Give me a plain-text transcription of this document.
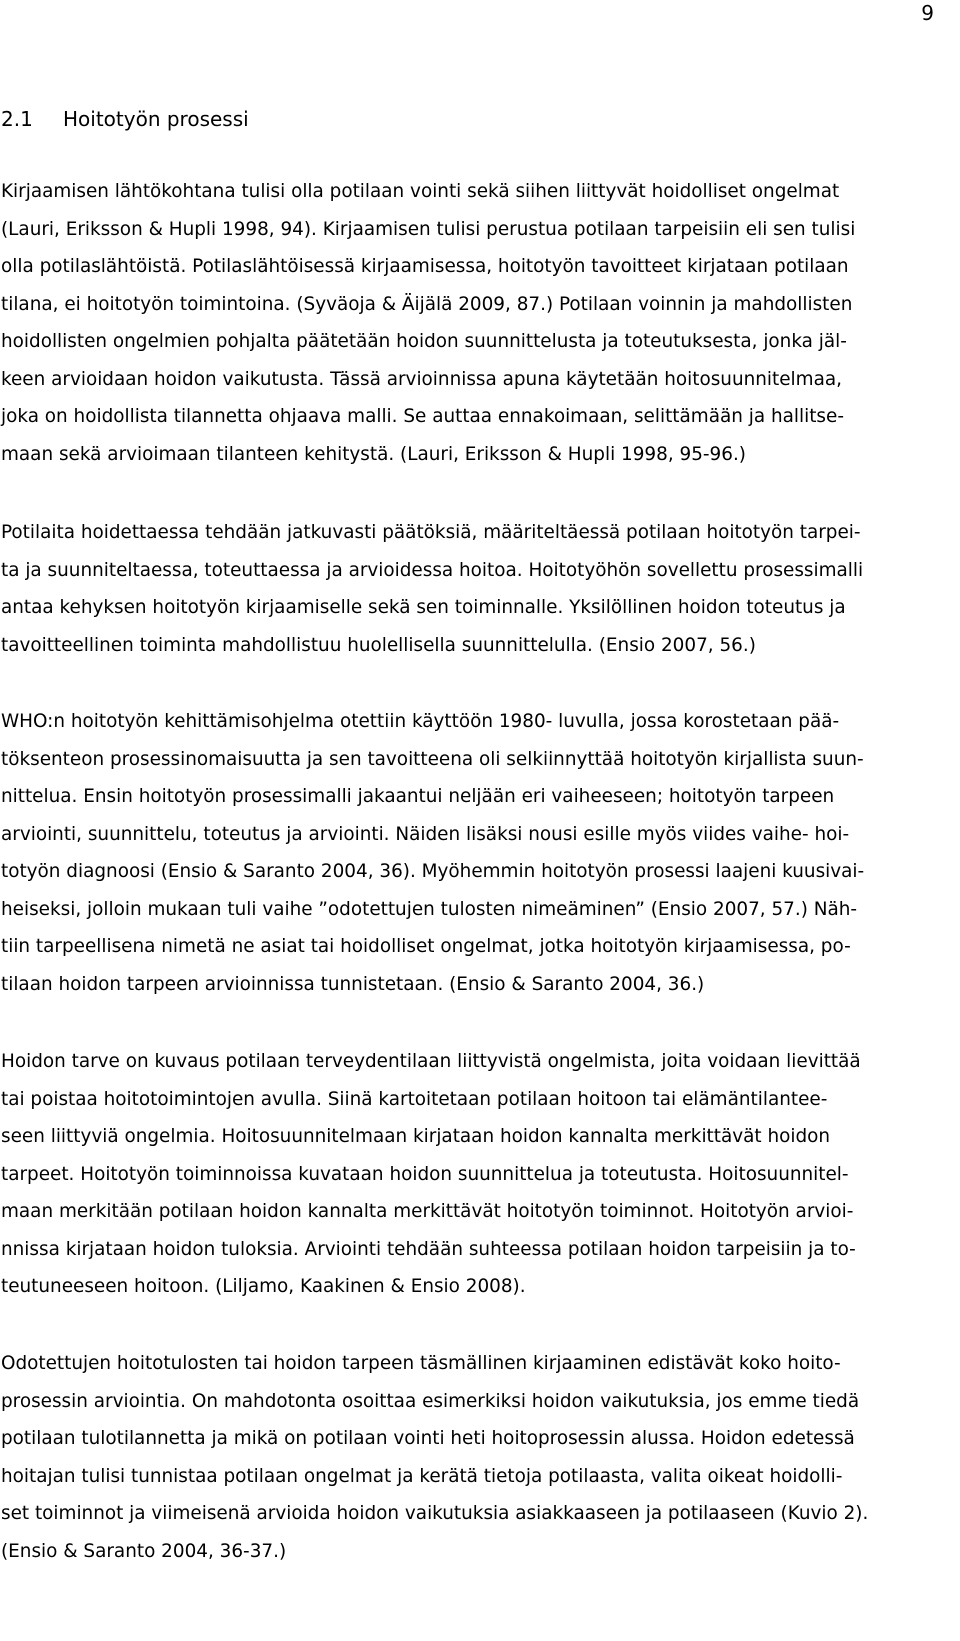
9
2.1 Hoitotyön prosessi

Kirjaamisen lähtökohtana tulisi olla potilaan vointi sekä siihen liittyvät hoidolliset ongelmat
(Lauri, Eriksson & Hupli 1998, 94). Kirjaamisen tulisi perustua potilaan tarpeisiin eli sen tulisi
olla potilaslähtöistä. Potilaslähtöisessä kirjaamisessa, hoitotyön tavoitteet kirjataan potilaan
tilana, ei hoitotyön toimintoina. (Syväoja & Äijälä 2009, 87.) Potilaan voinnin ja mahdollisten
hoidollisten ongelmien pohjalta päätetään hoidon suunnittelusta ja toteutuksesta, jonka jäl-
keen arvioidaan hoidon vaikutusta. Tässä arvioinnissa apuna käytetään hoitosuunnitelmaa,
joka on hoidollista tilannetta ohjaava malli. Se auttaa ennakoimaan, selittämään ja hallitse-
maan sekä arvioimaan tilanteen kehitystä. (Lauri, Eriksson & Hupli 1998, 95-96.)

Potilaita hoidettaessa tehdään jatkuvasti päätöksiä, määriteltäessä potilaan hoitotyön tarpei-
ta ja suunniteltaessa, toteuttaessa ja arvioidessa hoitoa. Hoitotyöhön sovellettu prosessimalli
antaa kehyksen hoitotyön kirjaamiselle sekä sen toiminnalle. Yksilöllinen hoidon toteutus ja
tavoitteellinen toiminta mahdollistuu huolellisella suunnittelulla. (Ensio 2007, 56.)

WHO:n hoitotyön kehittämisohjelma otettiin käyttöön 1980- luvulla, jossa korostetaan pää-
töksenteon prosessinomaisuutta ja sen tavoitteena oli selkiinnyttää hoitotyön kirjallista suun-
nittelua. Ensin hoitotyön prosessimalli jakaantui neljään eri vaiheeseen; hoitotyön tarpeen
arviointi, suunnittelu, toteutus ja arviointi. Näiden lisäksi nousi esille myös viides vaihe- hoi-
totyön diagnoosi (Ensio & Saranto 2004, 36). Myöhemmin hoitotyön prosessi laajeni kuusivai-
heiseksi, jolloin mukaan tuli vaihe ”odotettujen tulosten nimeäminen” (Ensio 2007, 57.) Näh-
tiin tarpeellisena nimetä ne asiat tai hoidolliset ongelmat, jotka hoitotyön kirjaamisessa, po-
tilaan hoidon tarpeen arvioinnissa tunnistetaan. (Ensio & Saranto 2004, 36.)

Hoidon tarve on kuvaus potilaan terveydentilaan liittyvistä ongelmista, joita voidaan lievittää
tai poistaa hoitotoimintojen avulla. Siinä kartoitetaan potilaan hoitoon tai elämäntilantee-
seen liittyviä ongelmia. Hoitosuunnitelmaan kirjataan hoidon kannalta merkittävät hoidon
tarpeet. Hoitotyön toiminnoissa kuvataan hoidon suunnittelua ja toteutusta. Hoitosuunnitel-
maan merkitään potilaan hoidon kannalta merkittävät hoitotyön toiminnot. Hoitotyön arvioi-
nnissa kirjataan hoidon tuloksia. Arviointi tehdään suhteessa potilaan hoidon tarpeisiin ja to-
teutuneeseen hoitoon. (Liljamo, Kaakinen & Ensio 2008).

Odotettujen hoitotulosten tai hoidon tarpeen täsmällinen kirjaaminen edistävät koko hoito-
prosessin arviointia. On mahdotonta osoittaa esimerkiksi hoidon vaikutuksia, jos emme tiedä
potilaan tulotilannetta ja mikä on potilaan vointi heti hoitoprosessin alussa. Hoidon edetessä
hoitajan tulisi tunnistaa potilaan ongelmat ja kerätä tietoja potilaasta, valita oikeat hoidolli-
set toiminnot ja viimeisenä arvioida hoidon vaikutuksia asiakkaaseen ja potilaaseen (Kuvio 2).
(Ensio & Saranto 2004, 36-37.)
